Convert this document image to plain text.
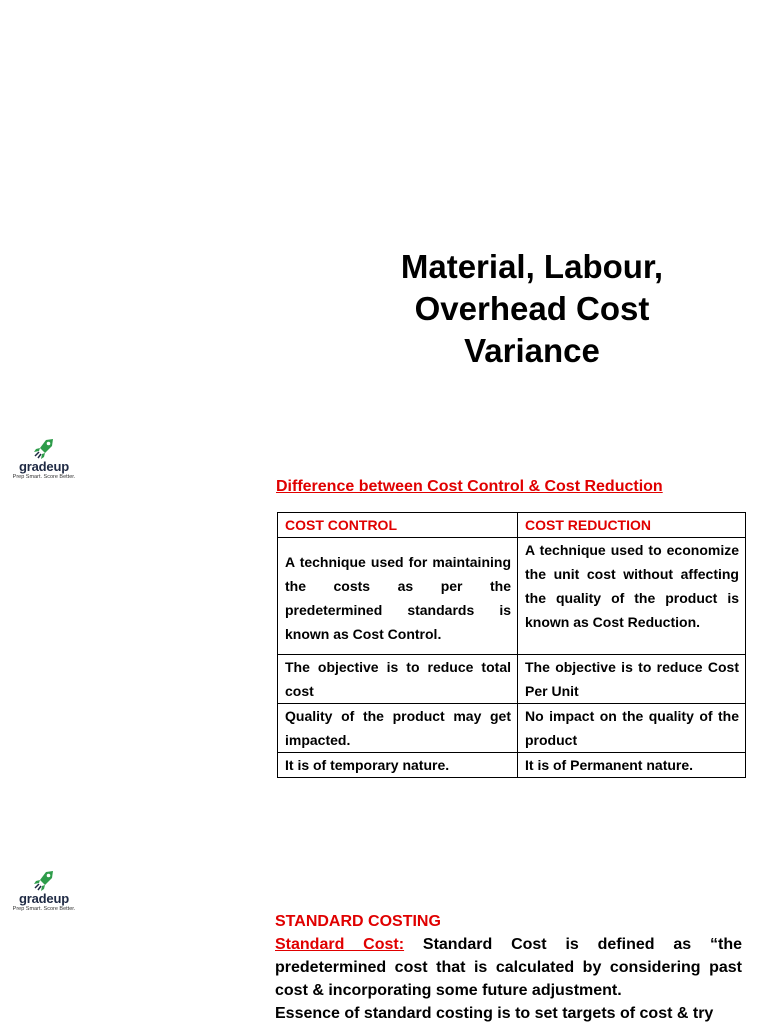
Material, Labour,
Overhead Cost
Variance
gradeup
Prep Smart. Score Better.
Difference between Cost Control & Cost Reduction
COST CONTROL	COST REDUCTION
A technique used for maintaining the costs as per the predetermined standards is known as Cost Control.	A technique used to economize the unit cost without affecting the quality of the product is known as Cost Reduction.
The objective is to reduce total cost	The objective is to reduce Cost Per Unit
Quality of the product may get impacted.	No impact on the quality of the product
It is of temporary nature.	It is of Permanent nature.
gradeup
Prep Smart. Score Better.

STANDARD COSTING

Standard Cost: Standard Cost is defined as “the predetermined cost that is calculated by considering past cost & incorporating some future adjustment.

Essence of standard costing is to set targets of cost & try
